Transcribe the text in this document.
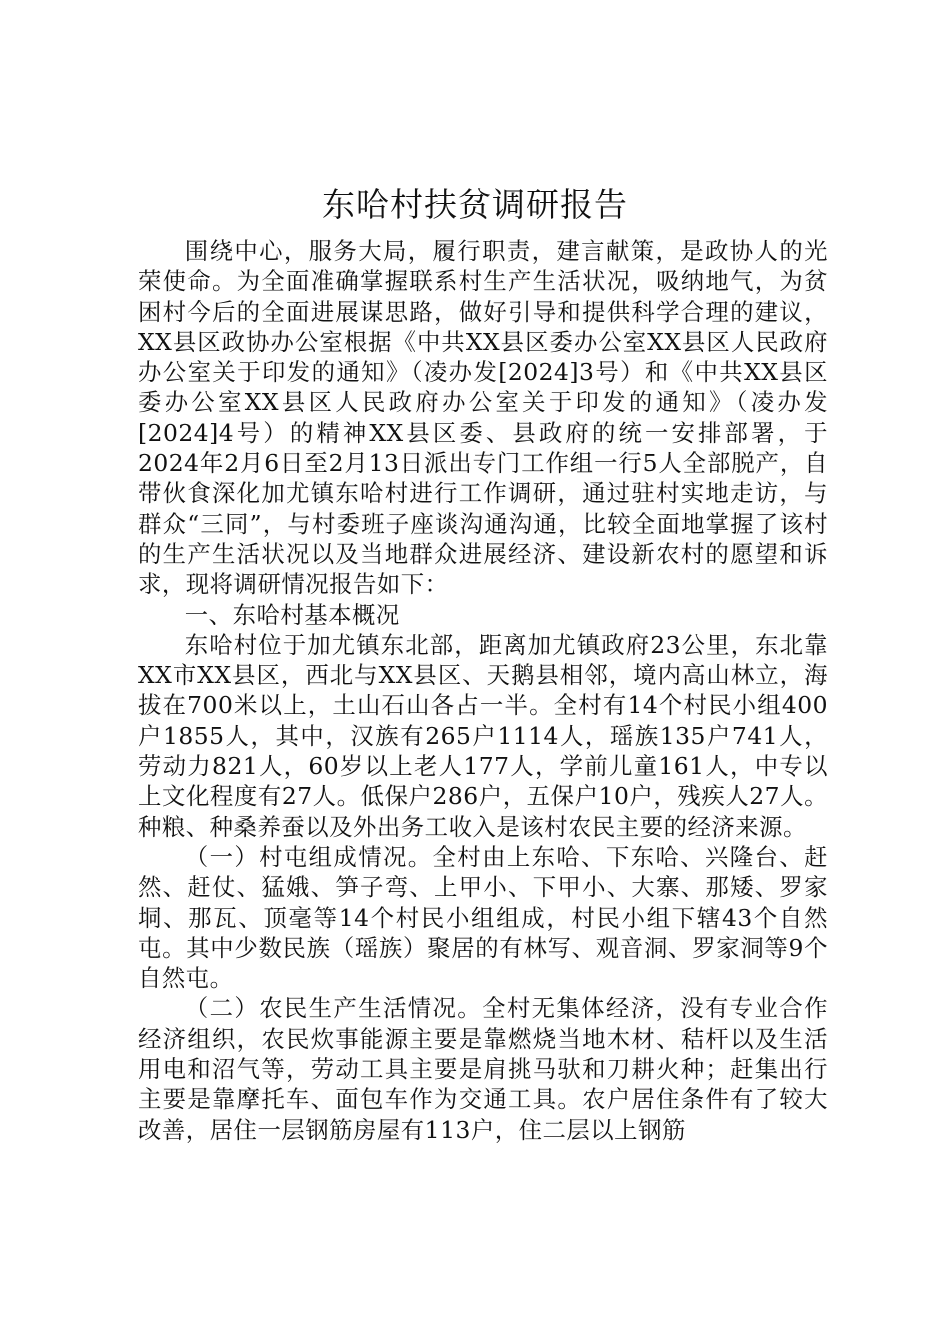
东哈村扶贫调研报告

围绕中心，服务大局，履行职责，建言献策，是政协人的光荣使命。为全面准确掌握联系村生产生活状况，吸纳地气，为贫困村今后的全面进展谋思路，做好引导和提供科学合理的建议，XX县区政协办公室根据《中共XX县区委办公室XX县区人民政府办公室关于印发的通知》（凌办发[2024]3号）和《中共XX县区委办公室XX县区人民政府办公室关于印发的通知》（凌办发[2024]4号）的精神XX县区委、县政府的统一安排部署，于2024年2月6日至2月13日派出专门工作组一行5人全部脱产，自带伙食深化加尤镇东哈村进行工作调研，通过驻村实地走访，与群众“三同”，与村委班子座谈沟通沟通，比较全面地掌握了该村的生产生活状况以及当地群众进展经济、建设新农村的愿望和诉求，现将调研情况报告如下：

一、东哈村基本概况

东哈村位于加尤镇东北部，距离加尤镇政府23公里，东北靠XX市XX县区，西北与XX县区、天鹅县相邻，境内高山林立，海拔在700米以上，土山石山各占一半。全村有14个村民小组400户1855人，其中，汉族有265户1114人，瑶族135户741人，劳动力821人，60岁以上老人177人，学前儿童161人，中专以上文化程度有27人。低保户286户，五保户10户，残疾人27人。种粮、种桑养蚕以及外出务工收入是该村农民主要的经济来源。

（一）村屯组成情况。全村由上东哈、下东哈、兴隆台、赶然、赶仗、猛娥、笋子弯、上甲小、下甲小、大寨、那矮、罗家垌、那瓦、顶毫等14个村民小组组成，村民小组下辖43个自然屯。其中少数民族（瑶族）聚居的有林写、观音洞、罗家洞等9个自然屯。

（二）农民生产生活情况。全村无集体经济，没有专业合作经济组织，农民炊事能源主要是靠燃烧当地木材、秸杆以及生活用电和沼气等，劳动工具主要是肩挑马驮和刀耕火种；赶集出行主要是靠摩托车、面包车作为交通工具。农户居住条件有了较大改善，居住一层钢筋房屋有113户，住二层以上钢筋
